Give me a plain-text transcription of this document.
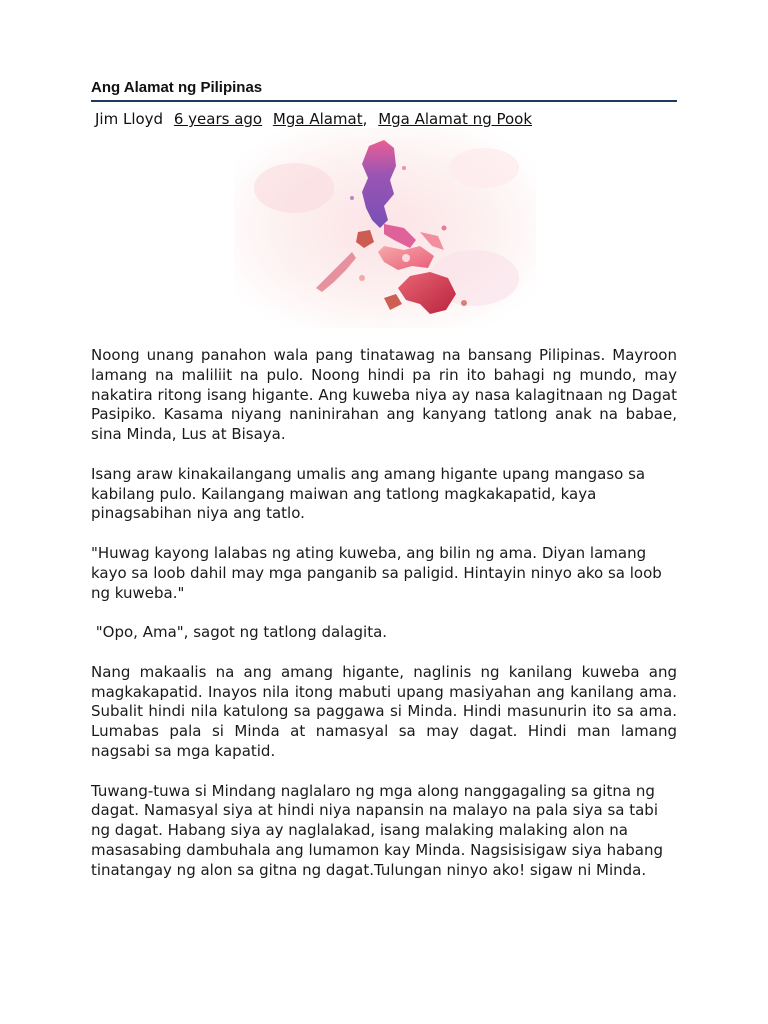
Ang Alamat ng Pilipinas
Jim Lloyd 6 years ago Mga Alamat, Mga Alamat ng Pook

Noong unang panahon wala pang tinatawag na bansang Pilipinas. Mayroon lamang na maliliit na pulo. Noong hindi pa rin ito bahagi ng mundo, may nakatira ritong isang higante. Ang kuweba niya ay nasa kalagitnaan ng Dagat Pasipiko. Kasama niyang naninirahan ang kanyang tatlong anak na babae, sina Minda, Lus at Bisaya.

Isang araw kinakailangang umalis ang amang higante upang mangaso sa kabilang pulo. Kailangang maiwan ang tatlong magkakapatid, kaya pinagsabihan niya ang tatlo.

"Huwag kayong lalabas ng ating kuweba, ang bilin ng ama. Diyan lamang kayo sa loob dahil may mga panganib sa paligid. Hintayin ninyo ako sa loob ng kuweba."

"Opo, Ama", sagot ng tatlong dalagita.

Nang makaalis na ang amang higante, naglinis ng kanilang kuweba ang magkakapatid. Inayos nila itong mabuti upang masiyahan ang kanilang ama. Subalit hindi nila katulong sa paggawa si Minda. Hindi masunurin ito sa ama. Lumabas pala si Minda at namasyal sa may dagat. Hindi man lamang nagsabi sa mga kapatid.

Tuwang-tuwa si Mindang naglalaro ng mga along nanggagaling sa gitna ng dagat. Namasyal siya at hindi niya napansin na malayo na pala siya sa tabi ng dagat. Habang siya ay naglalakad, isang malaking malaking alon na masasabing dambuhala ang lumamon kay Minda. Nagsisisigaw siya habang tinatangay ng alon sa gitna ng dagat.Tulungan ninyo ako! sigaw ni Minda.
